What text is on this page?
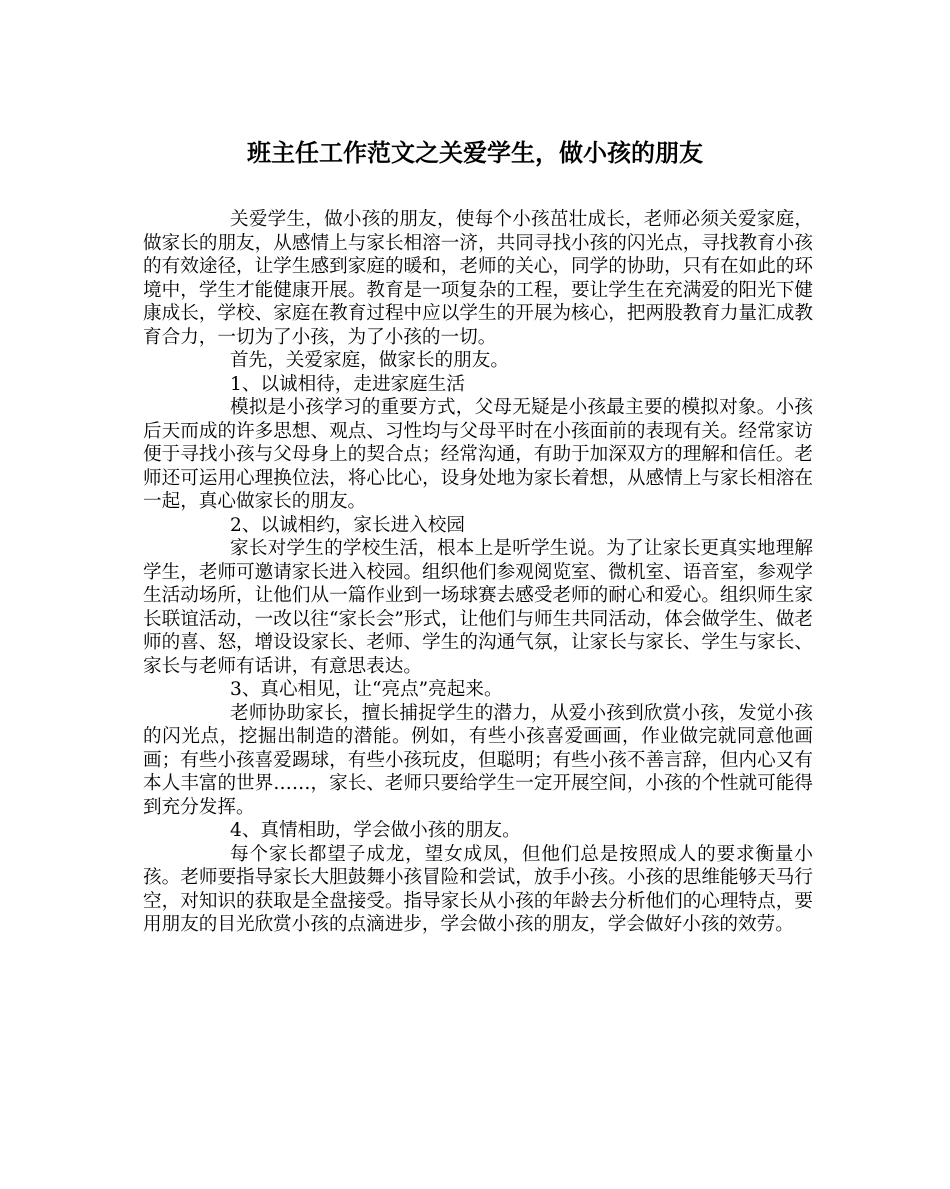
班主任工作范文之关爱学生，做小孩的朋友

关爱学生，做小孩的朋友，使每个小孩茁壮成长，老师必须关爱家庭，做家长的朋友，从感情上与家长相溶一济，共同寻找小孩的闪光点，寻找教育小孩的有效途径，让学生感到家庭的暖和，老师的关心，同学的协助，只有在如此的环境中，学生才能健康开展。教育是一项复杂的工程，要让学生在充满爱的阳光下健康成长，学校、家庭在教育过程中应以学生的开展为核心，把两股教育力量汇成教育合力，一切为了小孩，为了小孩的一切。

首先，关爱家庭，做家长的朋友。

1、以诚相待，走进家庭生活

模拟是小孩学习的重要方式，父母无疑是小孩最主要的模拟对象。小孩后天而成的许多思想、观点、习性均与父母平时在小孩面前的表现有关。经常家访便于寻找小孩与父母身上的契合点；经常沟通，有助于加深双方的理解和信任。老师还可运用心理换位法，将心比心，设身处地为家长着想，从感情上与家长相溶在一起，真心做家长的朋友。

2、以诚相约，家长进入校园

家长对学生的学校生活，根本上是听学生说。为了让家长更真实地理解学生，老师可邀请家长进入校园。组织他们参观阅览室、微机室、语音室，参观学生活动场所，让他们从一篇作业到一场球赛去感受老师的耐心和爱心。组织师生家长联谊活动，一改以往“家长会”形式，让他们与师生共同活动，体会做学生、做老师的喜、怒，增设设家长、老师、学生的沟通气氛，让家长与家长、学生与家长、家长与老师有话讲，有意思表达。

3、真心相见，让“亮点”亮起来。

老师协助家长，擅长捕捉学生的潜力，从爱小孩到欣赏小孩，发觉小孩的闪光点，挖掘出制造的潜能。例如，有些小孩喜爱画画，作业做完就同意他画画；有些小孩喜爱踢球，有些小孩玩皮，但聪明；有些小孩不善言辞，但内心又有本人丰富的世界……，家长、老师只要给学生一定开展空间，小孩的个性就可能得到充分发挥。

4、真情相助，学会做小孩的朋友。

每个家长都望子成龙，望女成凤，但他们总是按照成人的要求衡量小孩。老师要指导家长大胆鼓舞小孩冒险和尝试，放手小孩。小孩的思维能够天马行空，对知识的获取是全盘接受。指导家长从小孩的年龄去分析他们的心理特点，要用朋友的目光欣赏小孩的点滴进步，学会做小孩的朋友，学会做好小孩的效劳。
